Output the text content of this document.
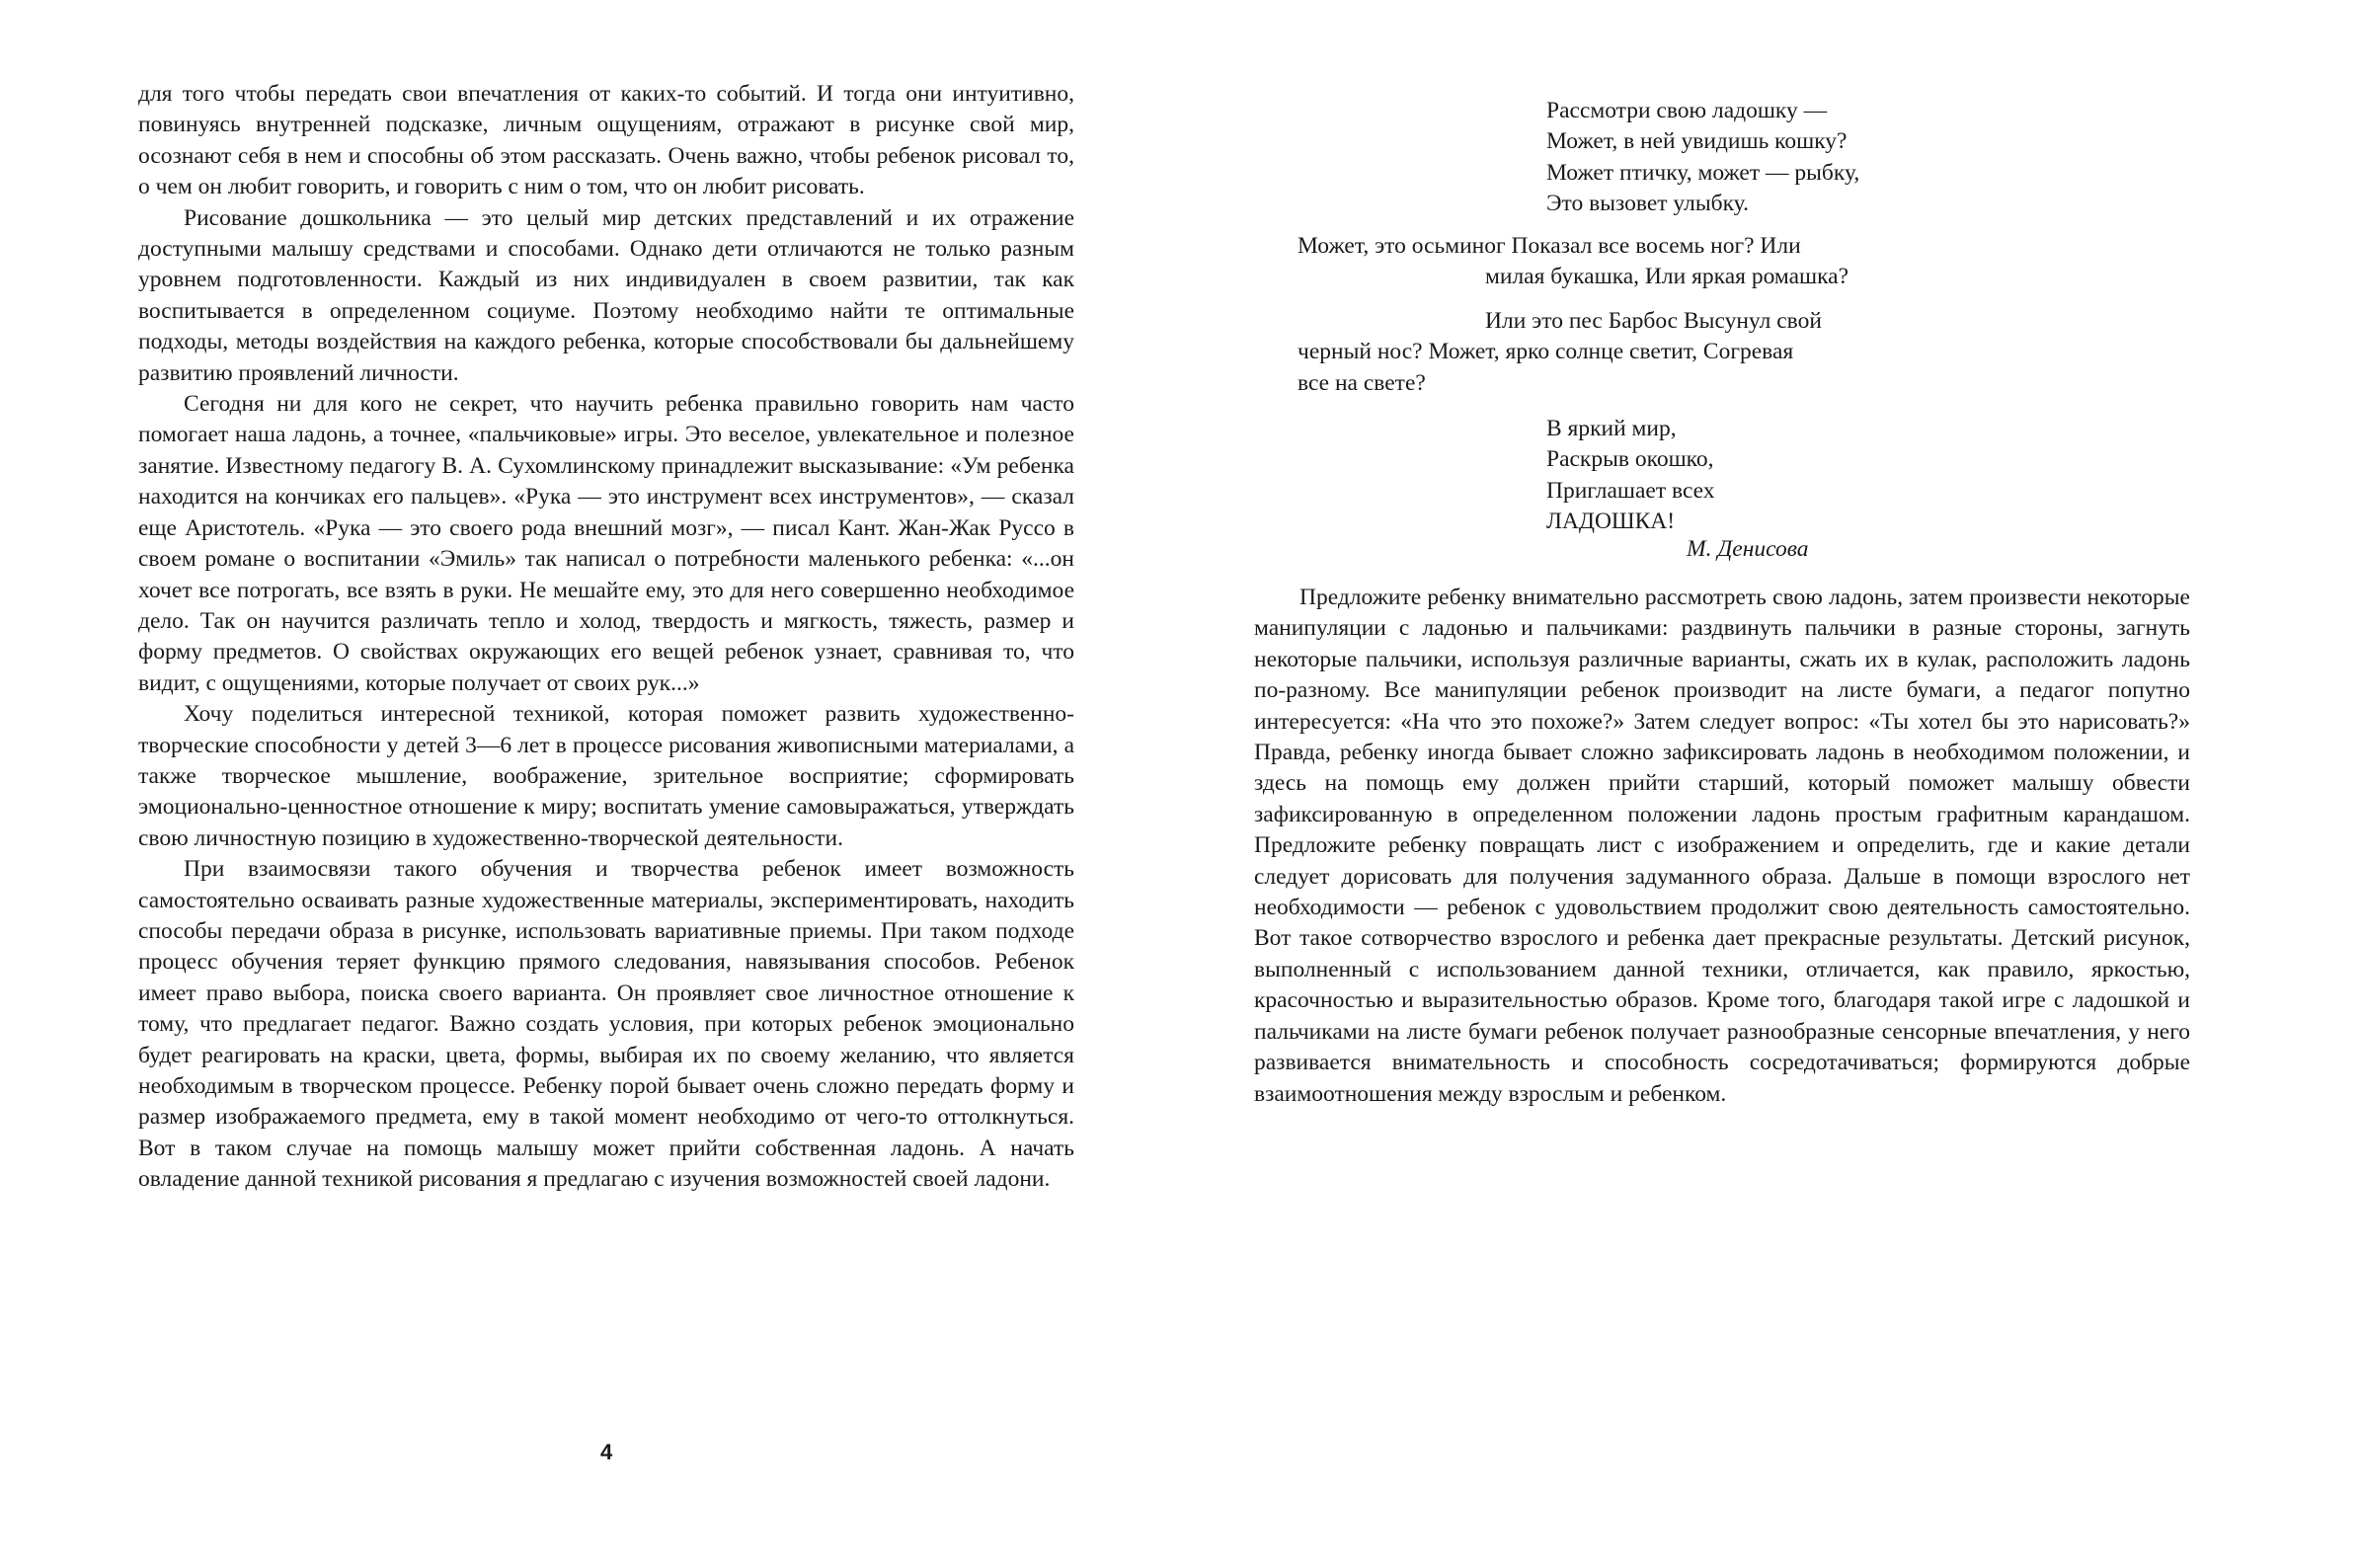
для того чтобы передать свои впечатления от каких-то событий. И тогда они интуитивно, повинуясь внутренней подсказке, личным ощущениям, отражают в рисунке свой мир, осознают себя в нем и способны об этом рассказать. Очень важно, чтобы ребенок рисовал то, о чем он любит говорить, и говорить с ним о том, что он любит рисовать.

Рисование дошкольника — это целый мир детских представлений и их отражение доступными малышу средствами и способами. Однако дети отличаются не только разным уровнем подготовленности. Каждый из них индивидуален в своем развитии, так как воспитывается в определенном социуме. Поэтому необходимо найти те оптимальные подходы, методы воздействия на каждого ребенка, которые способствовали бы дальнейшему развитию проявлений личности.

Сегодня ни для кого не секрет, что научить ребенка правильно говорить нам часто помогает наша ладонь, а точнее, «пальчиковые» игры. Это веселое, увлекательное и полезное занятие. Известному педагогу В. А. Сухомлинскому принадлежит высказывание: «Ум ребенка находится на кончиках его пальцев». «Рука — это инструмент всех инструментов», — сказал еще Аристотель. «Рука — это своего рода внешний мозг», — писал Кант. Жан-Жак Руссо в своем романе о воспитании «Эмиль» так написал о потребности маленького ребенка: «...он хочет все потрогать, все взять в руки. Не мешайте ему, это для него совершенно необходимое дело. Так он научится различать тепло и холод, твердость и мягкость, тяжесть, размер и форму предметов. О свойствах окружающих его вещей ребенок узнает, сравнивая то, что видит, с ощущениями, которые получает от своих рук...»

Хочу поделиться интересной техникой, которая поможет развить художественно-творческие способности у детей 3—6 лет в процессе рисования живописными материалами, а также творческое мышление, воображение, зрительное восприятие; сформировать эмоционально-ценностное отношение к миру; воспитать умение самовыражаться, утверждать свою личностную позицию в художественно-творческой деятельности.

При взаимосвязи такого обучения и творчества ребенок имеет возможность самостоятельно осваивать разные художественные материалы, экспериментировать, находить способы передачи образа в рисунке, использовать вариативные приемы. При таком подходе процесс обучения теряет функцию прямого следования, навязывания способов. Ребенок имеет право выбора, поиска своего варианта. Он проявляет свое личностное отношение к тому, что предлагает педагог. Важно создать условия, при которых ребенок эмоционально будет реагировать на краски, цвета, формы, выбирая их по своему желанию, что является необходимым в творческом процессе. Ребенку порой бывает очень сложно передать форму и размер изображаемого предмета, ему в такой момент необходимо от чего-то оттолкнуться. Вот в таком случае на помощь малышу может прийти собственная ладонь. А начать овладение данной техникой рисования я предлагаю с изучения возможностей своей ладони.

4
Рассмотри свою ладошку —
Может, в ней увидишь кошку?
Может птичку, может — рыбку,
Это вызовет улыбку.
Может, это осьминог Показал все восемь ног? Или
милая букашка, Или яркая ромашка?
Или это пес Барбос Высунул свой
черный нос? Может, ярко солнце светит, Согревая
все на свете?
В яркий мир,
Раскрыв окошко,
Приглашает всех
ЛАДОШКА!
М. Денисова

Предложите ребенку внимательно рассмотреть свою ладонь, затем произвести некоторые манипуляции с ладонью и пальчиками: раздвинуть пальчики в разные стороны, загнуть некоторые пальчики, используя различные варианты, сжать их в кулак, расположить ладонь по-разному. Все манипуляции ребенок производит на листе бумаги, а педагог попутно интересуется: «На что это похоже?» Затем следует вопрос: «Ты хотел бы это нарисовать?» Правда, ребенку иногда бывает сложно зафиксировать ладонь в необходимом положении, и здесь на помощь ему должен прийти старший, который поможет малышу обвести зафиксированную в определенном положении ладонь простым графитным карандашом. Предложите ребенку повращать лист с изображением и определить, где и какие детали следует дорисовать для получения задуманного образа. Дальше в помощи взрослого нет необходимости — ребенок с удовольствием продолжит свою деятельность самостоятельно. Вот такое сотворчество взрослого и ребенка дает прекрасные результаты. Детский рисунок, выполненный с использованием данной техники, отличается, как правило, яркостью, красочностью и выразительностью образов. Кроме того, благодаря такой игре с ладошкой и пальчиками на листе бумаги ребенок получает разнообразные сенсорные впечатления, у него развивается внимательность и способность сосредотачиваться; формируются добрые взаимоотношения между взрослым и ребенком.
